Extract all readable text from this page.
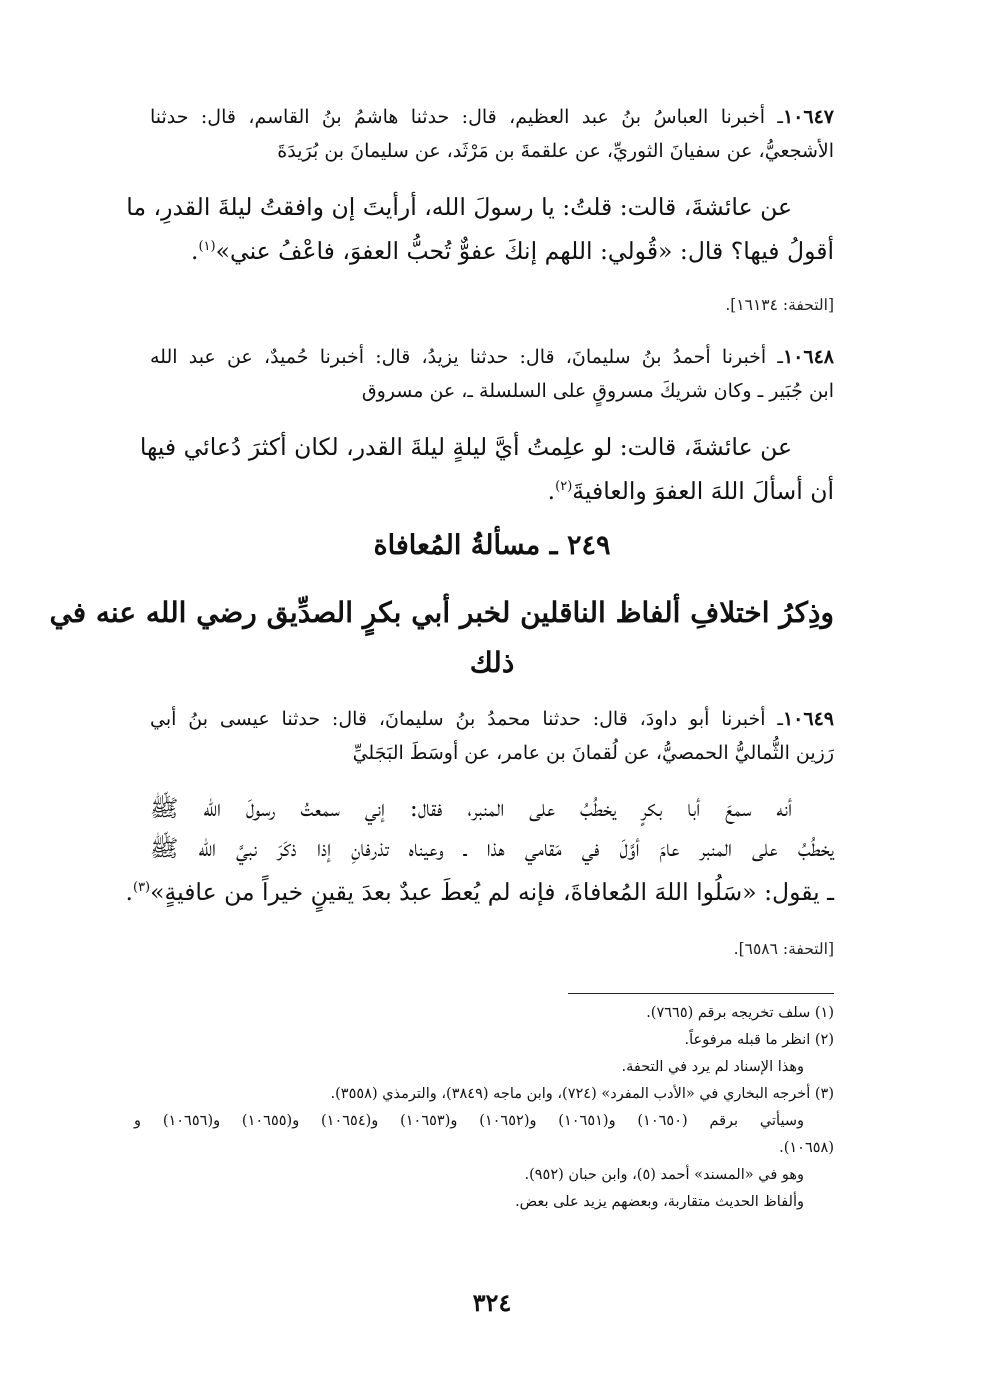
١٠٦٤٧ـ أخبرنا العباسُ بنُ عبد العظيم، قال: حدثنا هاشمُ بنُ القاسم، قال: حدثنا
الأشجعيُّ، عن سفيانَ الثوريِّ، عن علقمةَ بن مَرْثَد، عن سليمانَ بن بُرَيدَةَ
عن عائشةَ، قالت: قلتُ: يا رسولَ الله، أرأيتَ إن وافقتُ ليلةَ القدرِ، ما
أقولُ فيها؟ قال: «قُولي: اللهم إنكَ عفوٌّ تُحبُّ العفوَ، فاعْفُ عني»$^{(١)}$.
[التحفة: ١٦١٣٤].
١٠٦٤٨ـ أخبرنا أحمدُ بنُ سليمانَ، قال: حدثنا يزيدُ، قال: أخبرنا حُميدٌ، عن عبد الله
ابن جُبَير ـ وكان شريكَ مسروقٍ على السلسلة ـ، عن مسروق
عن عائشةَ، قالت: لو علِمتُ أيَّ ليلةٍ ليلةَ القدر، لكان أكثرَ دُعائي فيها
أن أسألَ اللهَ العفوَ والعافيةَ$^{(٢)}$.
٢٤٩ ـ مسألةُ المُعافاة
وذِكرُ اختلافِ ألفاظ الناقلين لخبر أبي بكرٍ الصدِّيق رضي الله عنه في
ذلك
١٠٦٤٩ـ أخبرنا أبو داودَ، قال: حدثنا محمدُ بنُ سليمانَ، قال: حدثنا عيسى بنُ أبي
رَزين الثُّماليُّ الحمصيُّ، عن لُقمانَ بن عامر، عن أوسَطَ البَجَليِّ
أنه سمعَ أبا بكرٍ يخطُبُ على المنبر، فقال: إني سمعتُ رسولَ الله ﷺ
يخطُبُ على المنبر عامَ أوَّلَ في مَقامي هذا ـ وعيناه تذرفانِ إذا ذكَرَ نبيَّ الله ﷺ
ـ يقول: «سَلُوا اللهَ المُعافاةَ، فإنه لم يُعطَ عبدٌ بعدَ يقينٍ خيراً من عافيةٍ»$^{(٣)}$.
[التحفة: ٦٥٨٦].
(١) سلف تخريجه برقم (٧٦٦٥).
(٢) انظر ما قبله مرفوعاً.
وهذا الإسناد لم يرد في التحفة.
(٣) أخرجه البخاري في «الأدب المفرد» (٧٢٤)، وابن ماجه (٣٨٤٩)، والترمذي (٣٥٥٨).
وسيأتي برقم (١٠٦٥٠) و(١٠٦٥١) و(١٠٦٥٢) و(١٠٦٥٣) و(١٠٦٥٤) و(١٠٦٥٥) و(١٠٦٥٦) و
(١٠٦٥٨).
وهو في «المسند» أحمد (٥)، وابن حبان (٩٥٢).
وألفاظ الحديث متقاربة، وبعضهم يزيد على بعض.
٣٢٤
